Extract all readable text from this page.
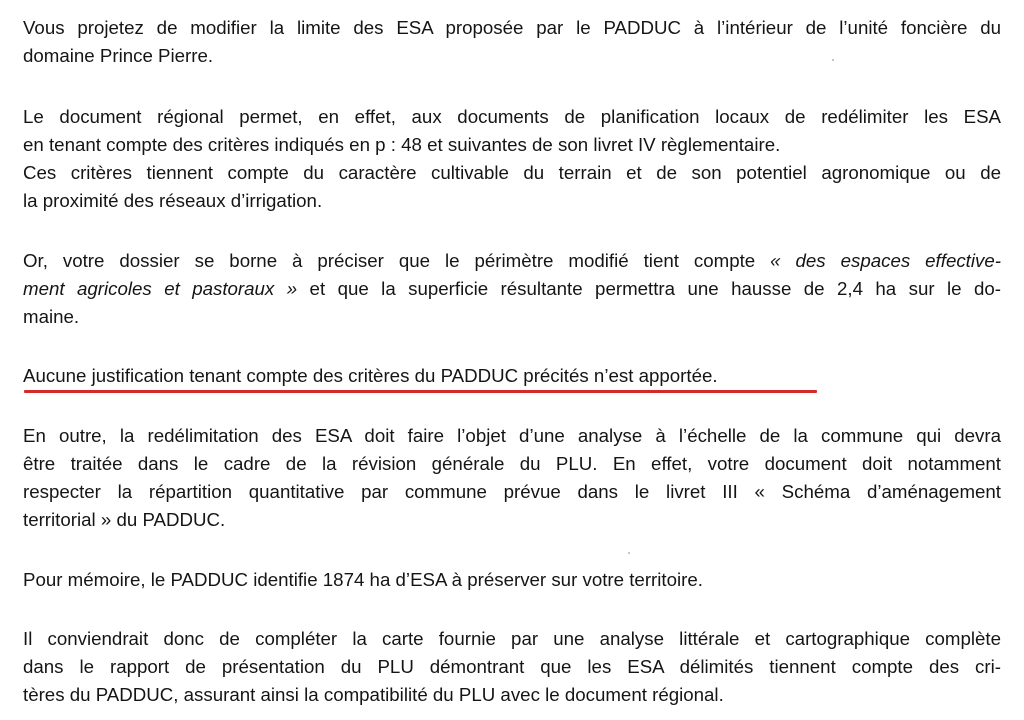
Vous projetez de modifier la limite des ESA proposée par le PADDUC à l’intérieur de l’unité foncière du
domaine Prince Pierre.
Le document régional permet, en effet, aux documents de planification locaux de redélimiter les ESA
en tenant compte des critères indiqués en p : 48 et suivantes de son livret IV règlementaire.
Ces critères tiennent compte du caractère cultivable du terrain et de son potentiel agronomique ou de
la proximité des réseaux d’irrigation.
Or, votre dossier se borne à préciser que le périmètre modifié tient compte « des espaces effective-
ment agricoles et pastoraux » et que la superficie résultante permettra une hausse de 2,4 ha sur le do-
maine.
Aucune justification tenant compte des critères du PADDUC précités n’est apportée.
En outre, la redélimitation des ESA doit faire l’objet d’une analyse à l’échelle de la commune qui devra
être traitée dans le cadre de la révision générale du PLU. En effet, votre document doit notamment
respecter la répartition quantitative par commune prévue dans le livret III « Schéma d’aménagement
territorial » du PADDUC.
Pour mémoire, le PADDUC identifie 1874 ha d’ESA à préserver sur votre territoire.
Il conviendrait donc de compléter la carte fournie par une analyse littérale et cartographique complète
dans le rapport de présentation du PLU démontrant que les ESA délimités tiennent compte des cri-
tères du PADDUC, assurant ainsi la compatibilité du PLU avec le document régional.
